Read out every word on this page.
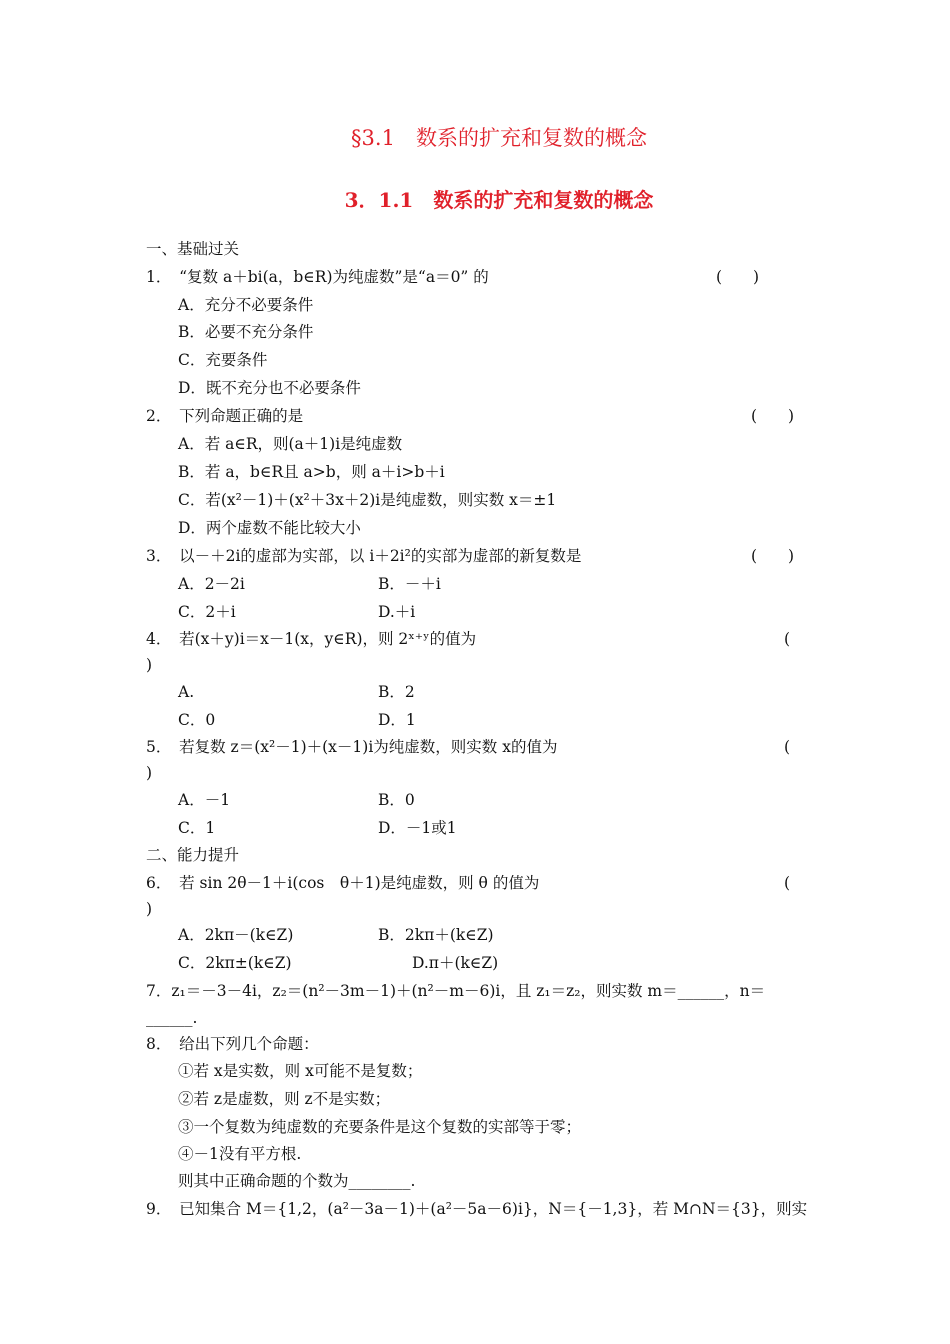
§3.1　数系的扩充和复数的概念
3．1.1　数系的扩充和复数的概念
一、基础过关
1．　“复数 a＋bi(a，b∈R)为纯虚数”是“a＝0” 的	(　　)
A．充分不必要条件
B．必要不充分条件
C．充要条件
D．既不充分也不必要条件
2．　下列命题正确的是	(　　)
A．若 a∈R，则(a＋1)i是纯虚数
B．若 a，b∈R且 a>b，则 a＋i>b＋i
C．若(x²－1)＋(x²＋3x＋2)i是纯虚数，则实数 x＝±1
D．两个虚数不能比较大小
3．　以－＋2i的虚部为实部，以 i＋2i²的实部为虚部的新复数是	(　　)
A．2－2i	B．－＋i
C．2＋i	D.＋i
4．　若(x＋y)i＝x－1(x，y∈R)，则 2ˣ⁺ʸ的值为	(
)
A.	B．2
C．0	D．1
5．　若复数 z＝(x²－1)＋(x－1)i为纯虚数，则实数 x的值为	(
)
A．－1	B．0
C．1	D．－1或1
二、能力提升
6．　若 sin 2θ－1＋i(cos　θ＋1)是纯虚数，则 θ 的值为	(
)
A．2kπ－(k∈Z)	B．2kπ＋(k∈Z)
C．2kπ±(k∈Z)	D.π＋(k∈Z)
7．z₁＝－3－4i，z₂＝(n²－3m－1)＋(n²－m－6)i，且 z₁＝z₂，则实数 m＝______，n＝
______.
8．　给出下列几个命题：
①若 x是实数，则 x可能不是复数；
②若 z是虚数，则 z不是实数；
③一个复数为纯虚数的充要条件是这个复数的实部等于零；
④－1没有平方根.
则其中正确命题的个数为________.
9．　已知集合 M＝{1,2，(a²－3a－1)＋(a²－5a－6)i}，N＝{－1,3}，若 M∩N＝{3}，则实
